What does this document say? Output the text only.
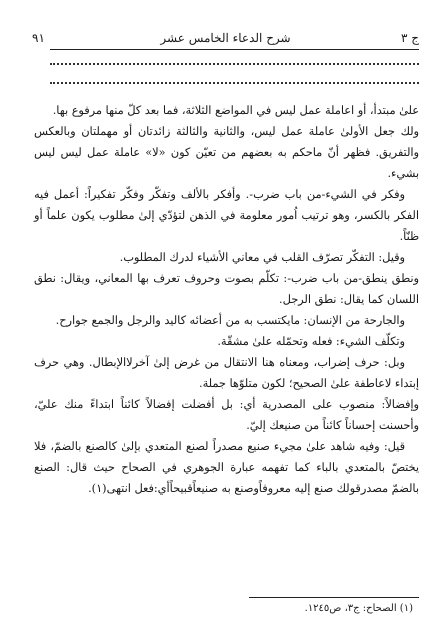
ج ٣
شرح الدعاء الخامس عشر
٩١

علىٰ مبتدأ، أو اعاملة عمل ليس في المواضع الثلاثة، فما بعد كلّ منها مرفوع بها.

ولك جعل الأولىٰ عاملة عمل ليس، والثانية والثالثة زائدتان أو مهملتان وبالعكس والتفريق. فظهر أنّ ماحكم به بعضهم من تعيّن كون «لا» عاملة عمل ليس ليس بشيء.

وفكر في الشيء-من باب ضرب-. وأفكر بالألف وتفكّر وفكّر تفكيراً: أعمل فيه الفكر بالكسر، وهو ترتيب اُمور معلومة في الذهن لتؤدّي إلىٰ مطلوب يكون علماً أو ظنّاً.

وقيل: التفكّر تصرّف القلب في معاني الأشياء لدرك المطلوب.

ونطق ينطق-من باب ضرب-: تكلّم بصوت وحروف تعرف بها المعاني، ويقال: نطق اللسان كما يقال: نطق الرجل.

والجارحة من الإنسان: مايكتسب به من أعضائه كاليد والرجل والجمع جوارح.

وتكلّف الشيء: فعله وتحمّله علىٰ مشقّة.

وبل: حرف إضراب، ومعناه هنا الانتقال من غرض إلىٰ آخرلاالإبطال. وهي حرف إبتداء لاعاطفة علىٰ الصحيح؛ لكون متلوّها جملة.

وإفضالاً: منصوب على المصدرية أي: بل أفضلت إفضالاً كائناً ابتداءً منك عليّ، وأحسنت إحساناً كائناً من صنيعك إليّ.

قيل: وفيه شاهد علىٰ مجيء صنيع مصدراً لصنع المتعدي بإلىٰ كالصنع بالضمّ، فلا يختصّ بالمتعدي بالباء كما تفهمه عبارة الجوهري في الصحاح حيث قال: الصنع بالضمّ مصدرقولك صنع إليه معروفاًوصنع به صنيعاًقبيحاًأي:فعل انتهى(١).

(١) الصحاح: ج٣، ص١٢٤٥.
